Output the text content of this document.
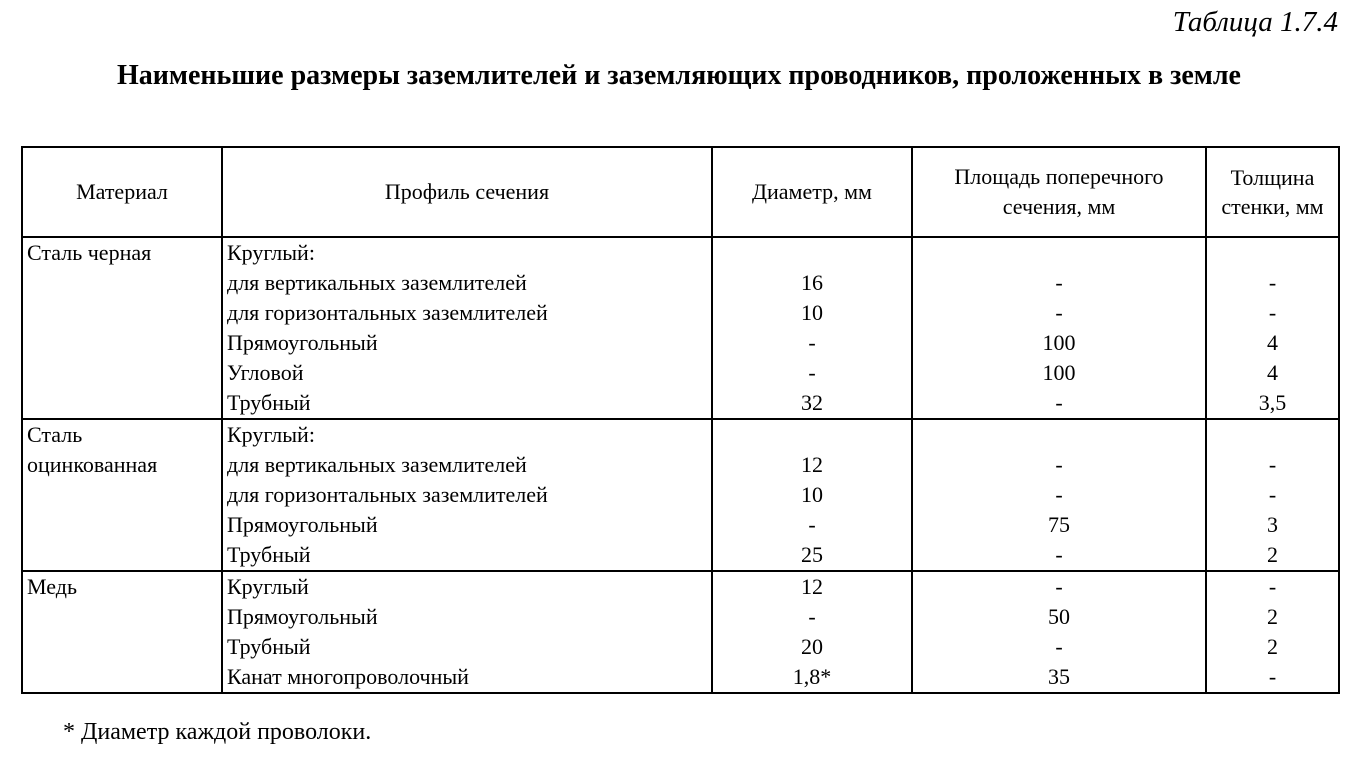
Таблица 1.7.4
Наименьшие размеры заземлителей и заземляющих проводников, проложенных в земле
Материал	Профиль сечения	Диаметр, мм	Площадь поперечного сечения, мм	Толщина стенки, мм
Сталь черная	Круглый:			
	для вертикальных заземлителей	16	-	-
	для горизонтальных заземлителей	10	-	-
	Прямоугольный	-	100	4
	Угловой	-	100	4
	Трубный	32	-	3,5
Сталь оцинкованная	Круглый:			
	для вертикальных заземлителей	12	-	-
	для горизонтальных заземлителей	10	-	-
	Прямоугольный	-	75	3
	Трубный	25	-	2
Медь	Круглый	12	-	-
	Прямоугольный	-	50	2
	Трубный	20	-	2
	Канат многопроволочный	1,8*	35	-
* Диаметр каждой проволоки.
